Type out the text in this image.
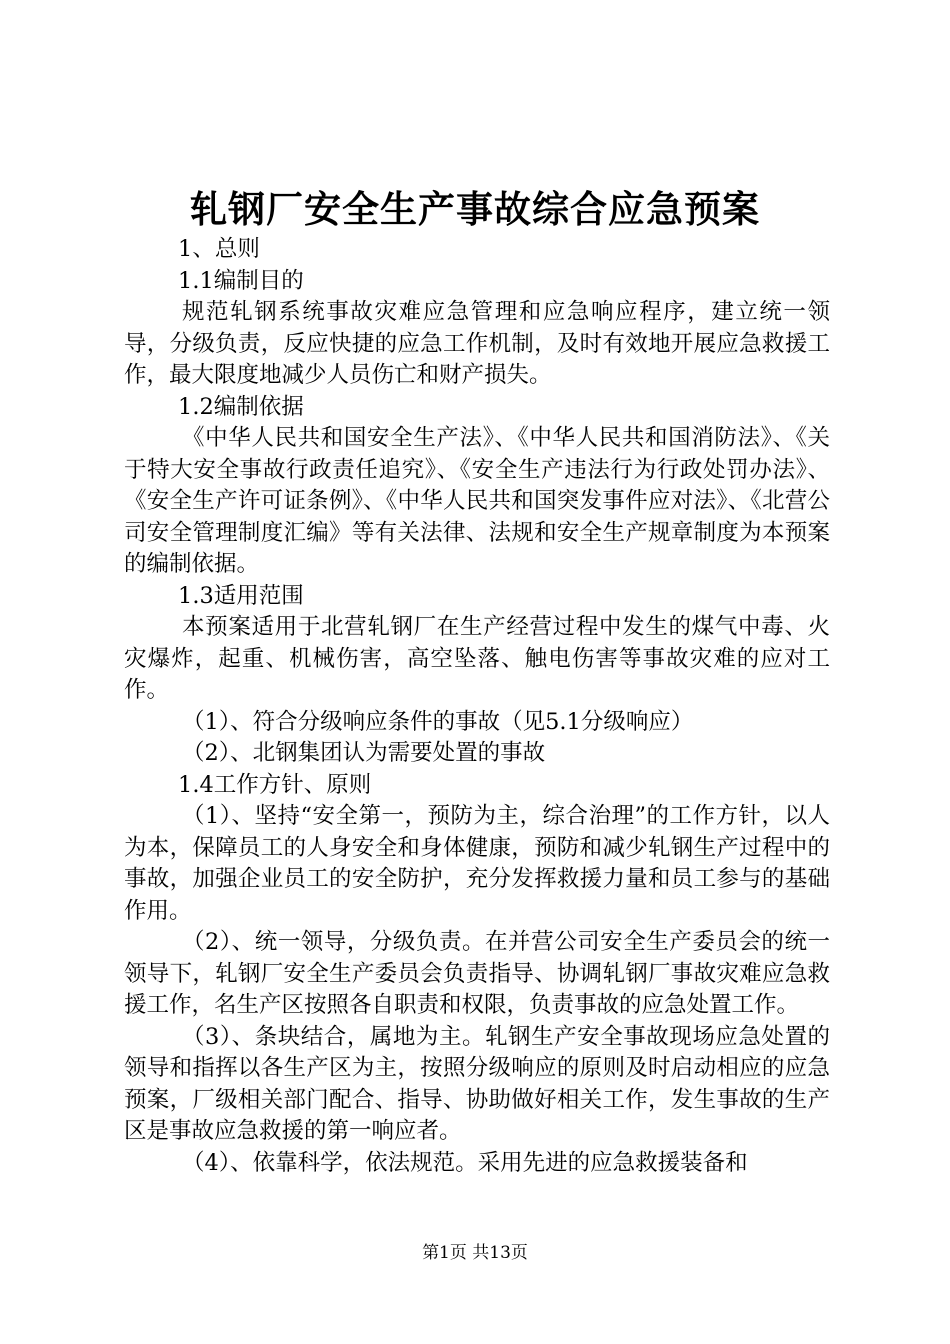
轧钢厂安全生产事故综合应急预案

1、总则

1.1编制目的

规范轧钢系统事故灾难应急管理和应急响应程序，建立统一领导，分级负责，反应快捷的应急工作机制，及时有效地开展应急救援工作，最大限度地减少人员伤亡和财产损失。

1.2编制依据

《中华人民共和国安全生产法》、《中华人民共和国消防法》、《关于特大安全事故行政责任追究》、《安全生产违法行为行政处罚办法》、《安全生产许可证条例》、《中华人民共和国突发事件应对法》、《北营公司安全管理制度汇编》等有关法律、法规和安全生产规章制度为本预案的编制依据。

1.3适用范围

本预案适用于北营轧钢厂在生产经营过程中发生的煤气中毒、火灾爆炸，起重、机械伤害，高空坠落、触电伤害等事故灾难的应对工作。

（1）、符合分级响应条件的事故（见5.1分级响应）

（2）、北钢集团认为需要处置的事故

1.4工作方针、原则

（1）、坚持“安全第一，预防为主，综合治理”的工作方针，以人为本，保障员工的人身安全和身体健康，预防和减少轧钢生产过程中的事故，加强企业员工的安全防护，充分发挥救援力量和员工参与的基础作用。

（2）、统一领导，分级负责。在并营公司安全生产委员会的统一领导下，轧钢厂安全生产委员会负责指导、协调轧钢厂事故灾难应急救援工作，名生产区按照各自职责和权限，负责事故的应急处置工作。

（3）、条块结合，属地为主。轧钢生产安全事故现场应急处置的领导和指挥以各生产区为主，按照分级响应的原则及时启动相应的应急预案，厂级相关部门配合、指导、协助做好相关工作，发生事故的生产区是事故应急救援的第一响应者。

（4）、依靠科学，依法规范。采用先进的应急救援装备和

第1页 共13页
